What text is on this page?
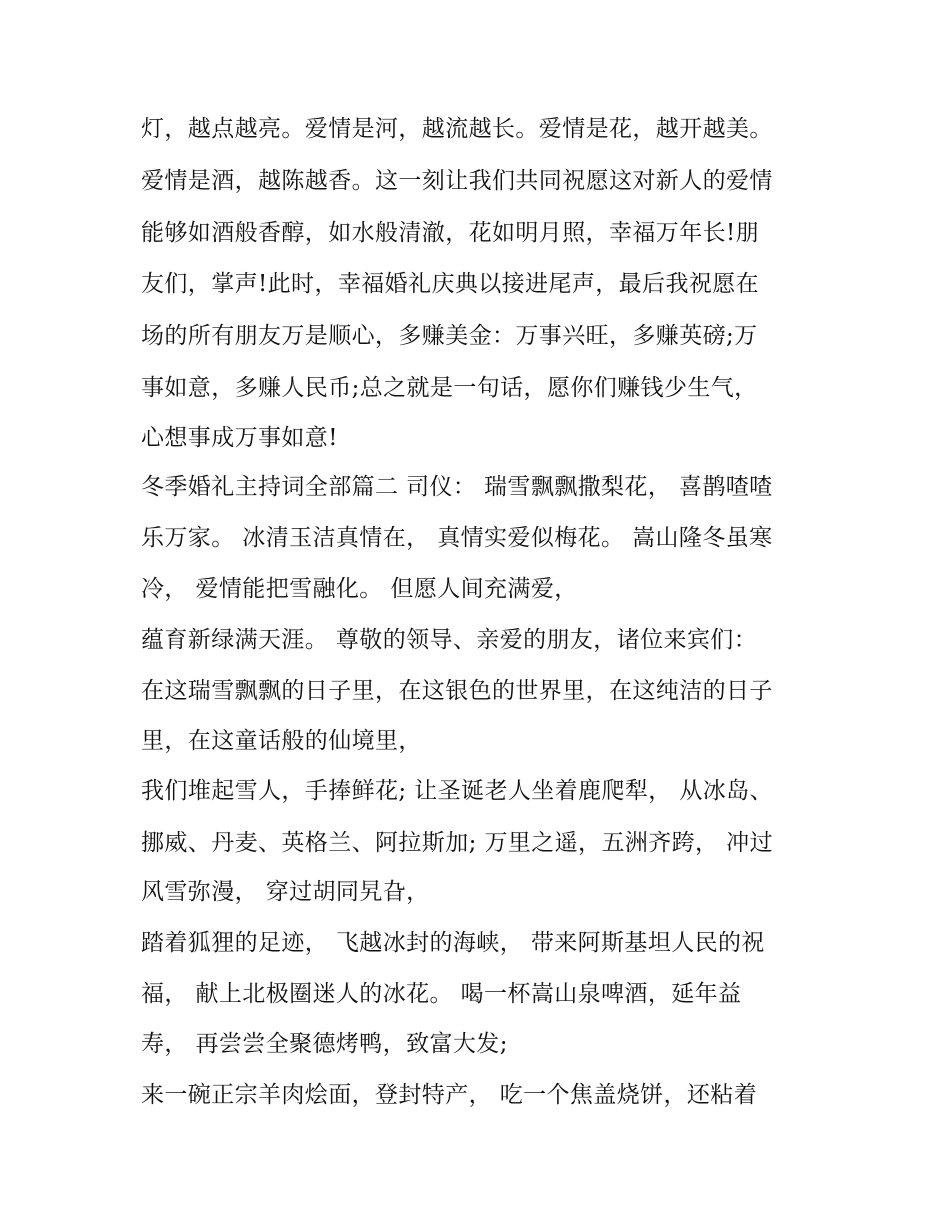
灯，越点越亮。爱情是河，越流越长。爱情是花，越开越美。
爱情是酒，越陈越香。这一刻让我们共同祝愿这对新人的爱情
能够如酒般香醇，如水般清澈，花如明月照，幸福万年长!朋
友们，掌声!此时，幸福婚礼庆典以接进尾声，最后我祝愿在
场的所有朋友万是顺心，多赚美金：万事兴旺，多赚英磅;万
事如意，多赚人民币;总之就是一句话，愿你们赚钱少生气，
心想事成万事如意!
冬季婚礼主持词全部篇二 司仪： 瑞雪飘飘撒梨花， 喜鹊喳喳
乐万家。 冰清玉洁真情在， 真情实爱似梅花。 嵩山隆冬虽寒
冷， 爱情能把雪融化。 但愿人间充满爱，
蕴育新绿满天涯。 尊敬的领导、亲爱的朋友，诸位来宾们：
在这瑞雪飘飘的日子里，在这银色的世界里，在这纯洁的日子
里，在这童话般的仙境里，
我们堆起雪人，手捧鲜花; 让圣诞老人坐着鹿爬犁， 从冰岛、
挪威、丹麦、英格兰、阿拉斯加; 万里之遥，五洲齐跨， 冲过
风雪弥漫， 穿过胡同旯旮，
踏着狐狸的足迹， 飞越冰封的海峡， 带来阿斯基坦人民的祝
福， 献上北极圈迷人的冰花。 喝一杯嵩山泉啤酒，延年益
寿， 再尝尝全聚德烤鸭，致富大发;
来一碗正宗羊肉烩面，登封特产， 吃一个焦盖烧饼，还粘着
